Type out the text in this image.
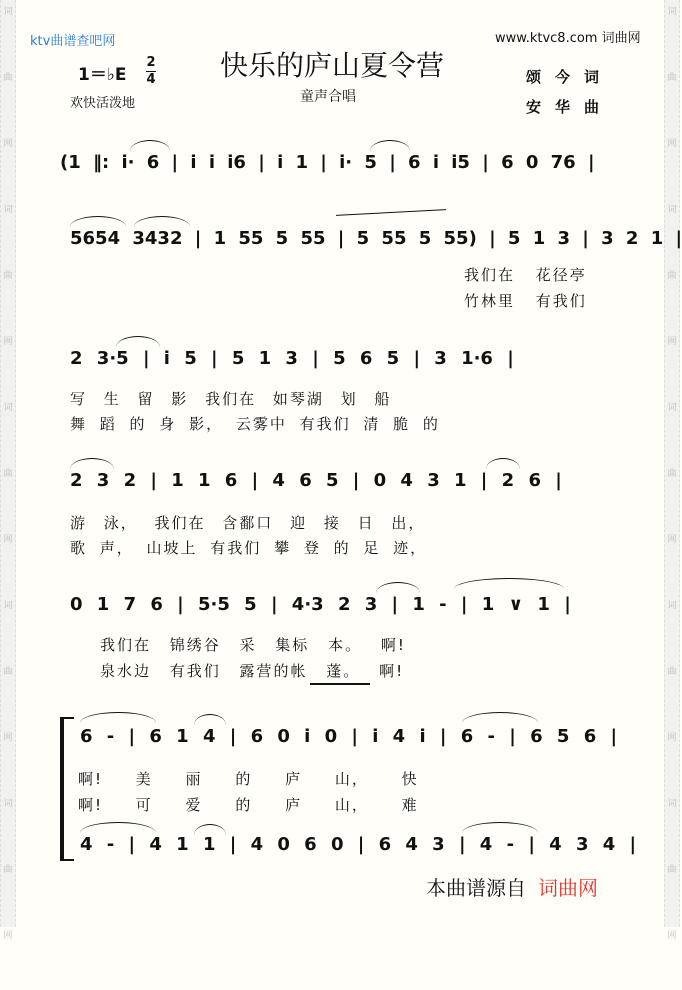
词
曲
网
词
曲
网
词
曲
网
词
曲
网
词
曲
网
词
曲
网
词
曲
网
词
曲
网
词
曲
网
词
曲
网
ktv曲谱查吧网	www.ktvc8.com 词曲网
快乐的庐山夏令营
1＝♭E
2
4
欢快活泼地	童声合唱
颂今词
安华曲
(1 ‖: i· 6 | i i i6 | i 1 | i· 5 | 6 i i5 | 6 0 76 |
5654 3432 | 1 55 5 55 | 5 55 5 55) | 5 1 3 | 3 2 1 |
我们在 花径亭
竹林里 有我们
2 3·5 | i 5 | 5 1 3 | 5 6 5 | 3 1·6 |
写 生 留 影 我们在 如琴湖 划 船
舞 蹈 的 身 影， 云雾中 有我们 清 脆 的
2 3 2 | 1 1 6 | 4 6 5 | 0 4 3 1 | 2 6 |
游 泳， 我们在 含鄱口 迎 接 日 出，
歌 声， 山坡上 有我们 攀 登 的 足 迹，
0 1 7 6 | 5·5 5 | 4·3 2 3 | 1 - | 1 ∨ 1 |
我们在 锦绣谷 采 集标 本。 啊!
泉水边 有我们 露营的帐 蓬。 啊!
6 - | 6 1 4 | 6 0 i 0 | i 4 i | 6 - | 6 5 6 |
啊! 美 丽 的 庐 山， 快
啊! 可 爱 的 庐 山， 难
4 - | 4 1 1 | 4 0 6 0 | 6 4 3 | 4 - | 4 3 4 |
本曲谱源自 词曲网
